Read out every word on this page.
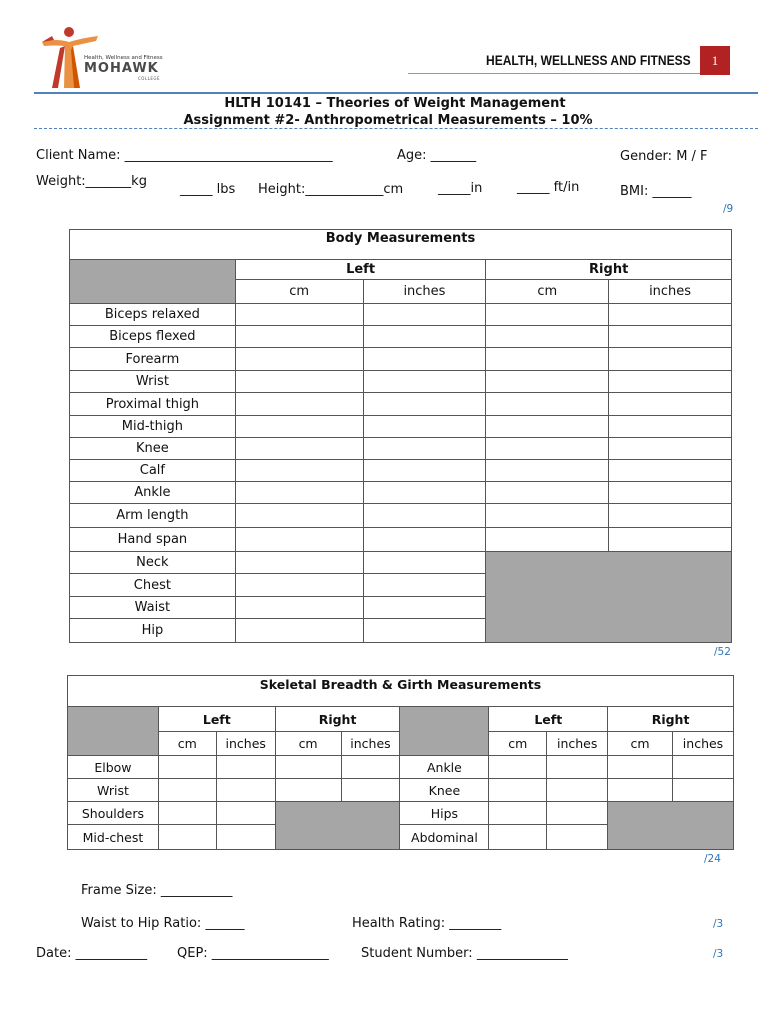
Health, Wellness and Fitness
MOHAWK
COLLEGE
HEALTH, WELLNESS AND FITNESS	1
HLTH 10141 – Theories of Weight Management
Assignment #2- Anthropometrical Measurements – 10%
Client Name: ________________________________	Age: _______	Gender: M / F
Weight:_______kg
_____ lbs Height:____________cm	_____in	_____ ft/in	BMI: ______
/9
Body Measurements				
	Left		Right	
	cm	inches	cm	inches
Biceps relaxed				
Biceps flexed				
Forearm				
Wrist				
Proximal thigh				
Mid-thigh				
Knee				
Calf				
Ankle				
Arm length				
Hand span				
Neck				
Chest				
Waist				
Hip				
/52
Skeletal Breadth & Girth Measurements									
	Left		Right			Left		Right	
	cm	inches	cm	inches		cm	inches	cm	inches
Elbow					Ankle				
Wrist					Knee				
Shoulders					Hips				
Mid-chest					Abdominal				
/24
Frame Size: ___________
Waist to Hip Ratio: ______	Health Rating: ________	/3
Date: ___________ QEP: __________________ Student Number: ______________	/3
